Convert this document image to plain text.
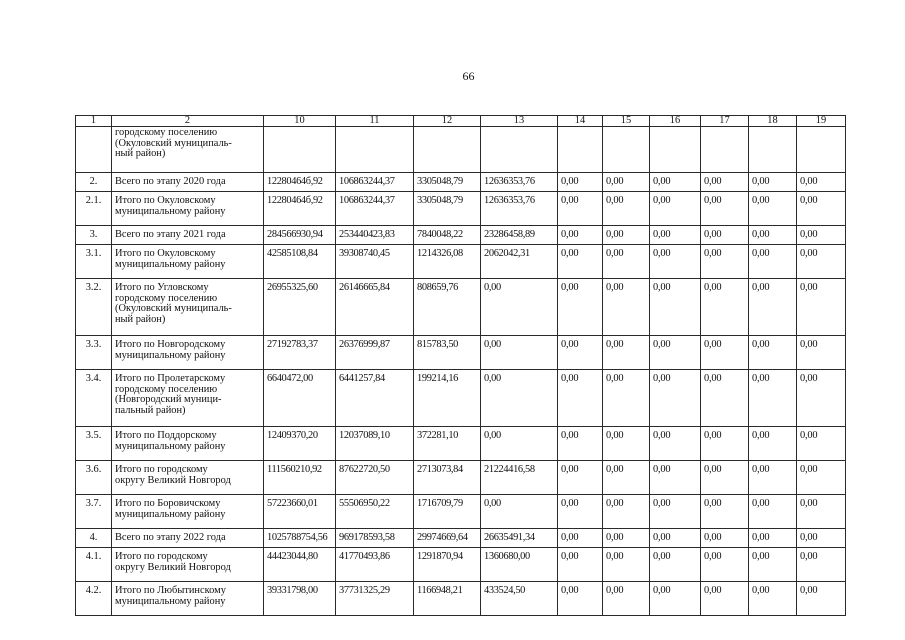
66
1	2	10	11	12	13	14	15	16	17	18	19
	городскому поселению
(Окуловский муниципаль-
ный район)										
2.	Всего по этапу 2020 года	12280464б,92	106863244,37	3305048,79	12636353,76	0,00	0,00	0,00	0,00	0,00	0,00
2.1.	Итого по Окуловскому
муниципальному району	12280464б,92	106863244,37	3305048,79	12636353,76	0,00	0,00	0,00	0,00	0,00	0,00
3.	Всего по этапу 2021 года	284566930,94	253440423,83	7840048,22	23286458,89	0,00	0,00	0,00	0,00	0,00	0,00
3.1.	Итого по Окуловскому
муниципальному району	42585108,84	39308740,45	1214326,08	2062042,31	0,00	0,00	0,00	0,00	0,00	0,00
3.2.	Итого по Угловскому
городскому поселению
(Окуловский муниципаль-
ный район)	26955325,60	26146665,84	808659,76	0,00	0,00	0,00	0,00	0,00	0,00	0,00
3.3.	Итого по Новгородскому
муниципальному району	27192783,37	26376999,87	815783,50	0,00	0,00	0,00	0,00	0,00	0,00	0,00
3.4.	Итого по Пролетарскому
городскому поселению
(Новгородский муници-
пальный район)	6640472,00	6441257,84	199214,16	0,00	0,00	0,00	0,00	0,00	0,00	0,00
3.5.	Итого по Поддорскому
муниципальному району	12409370,20	12037089,10	372281,10	0,00	0,00	0,00	0,00	0,00	0,00	0,00
3.6.	Итого по городскому
округу Великий Новгород	111560210,92	87622720,50	2713073,84	21224416,58	0,00	0,00	0,00	0,00	0,00	0,00
3.7.	Итого по Боровичскому
муниципальному району	57223660,01	55506950,22	1716709,79	0,00	0,00	0,00	0,00	0,00	0,00	0,00
4.	Всего по этапу 2022 года	1025788754,56	969178593,58	29974669,64	26635491,34	0,00	0,00	0,00	0,00	0,00	0,00
4.1.	Итого по городскому
округу Великий Новгород	44423044,80	41770493,86	1291870,94	1360680,00	0,00	0,00	0,00	0,00	0,00	0,00
4.2.	Итого по Любытинскому
муниципальному району	39331798,00	37731325,29	1166948,21	433524,50	0,00	0,00	0,00	0,00	0,00	0,00
